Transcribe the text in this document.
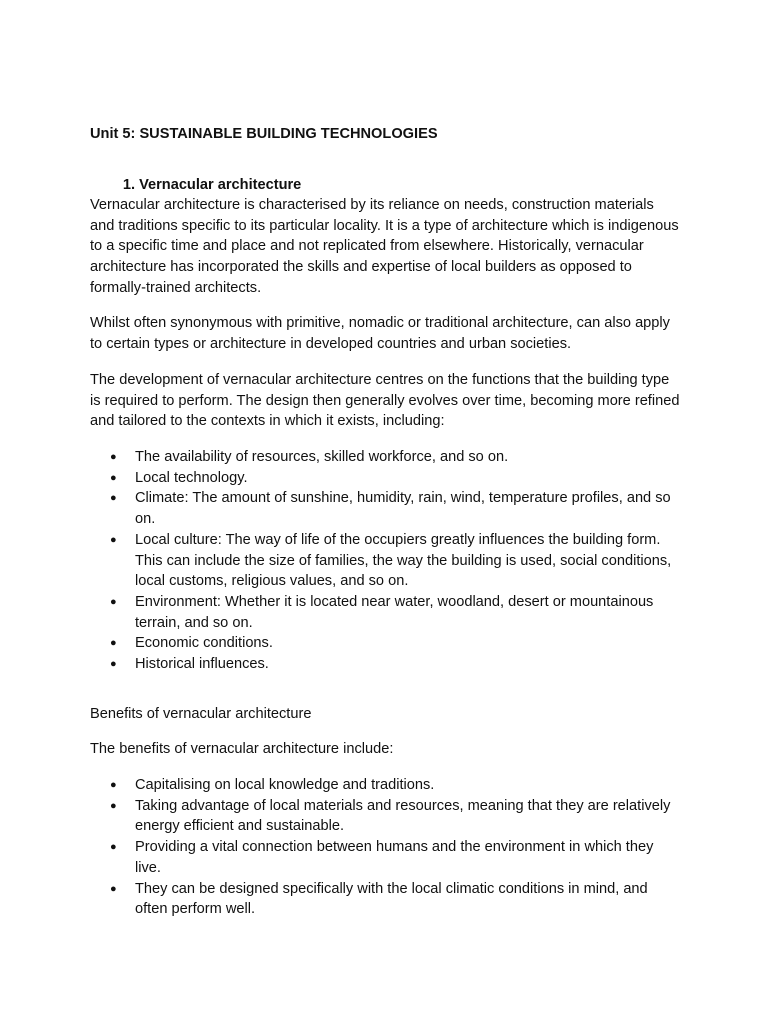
Unit 5: SUSTAINABLE BUILDING TECHNOLOGIES
1. Vernacular architecture

Vernacular architecture is characterised by its reliance on needs, construction materials and traditions specific to its particular locality. It is a type of architecture which is indigenous to a specific time and place and not replicated from elsewhere. Historically, vernacular architecture has incorporated the skills and expertise of local builders as opposed to formally-trained architects.

Whilst often synonymous with primitive, nomadic or traditional architecture, can also apply to certain types or architecture in developed countries and urban societies.

The development of vernacular architecture centres on the functions that the building type is required to perform. The design then generally evolves over time, becoming more refined and tailored to the contexts in which it exists, including:

● The availability of resources, skilled workforce, and so on.
● Local technology.
● Climate: The amount of sunshine, humidity, rain, wind, temperature profiles, and so on.
● Local culture: The way of life of the occupiers greatly influences the building form. This can include the size of families, the way the building is used, social conditions, local customs, religious values, and so on.
● Environment: Whether it is located near water, woodland, desert or mountainous terrain, and so on.
● Economic conditions.
● Historical influences.

Benefits of vernacular architecture

The benefits of vernacular architecture include:

● Capitalising on local knowledge and traditions.
● Taking advantage of local materials and resources, meaning that they are relatively energy efficient and sustainable.
● Providing a vital connection between humans and the environment in which they live.
● They can be designed specifically with the local climatic conditions in mind, and often perform well.
